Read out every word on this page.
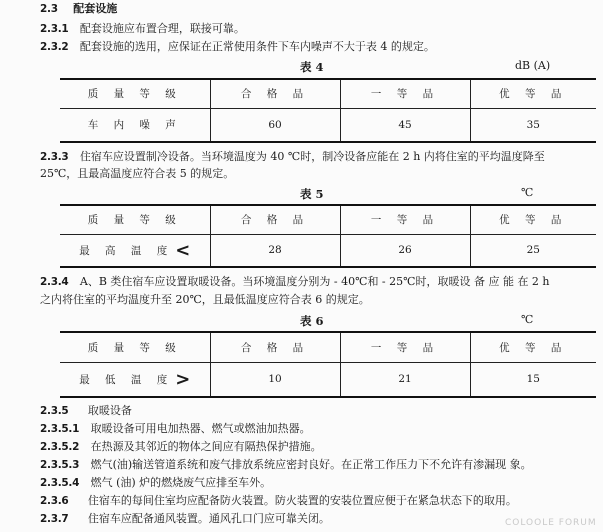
2.3 配套设施
2.3.1 配套设施应布置合理，联接可靠。
2.3.2 配套设施的选用，应保证在正常使用条件下车内噪声不大于表 4 的规定。
表 4	dB (A)
质 量 等 级	合 格 品	一 等 品	优 等 品
车 内 噪 声	60	45	35
2.3.3 住宿车应设置制冷设备。当环境温度为 40 ℃时，制冷设备应能在 2 h 内将住室的平均温度降至
25℃，且最高温度应符合表 5 的规定。
表 5	℃
质 量 等 级	合 格 品	一 等 品	优 等 品
最 高 温 度 <	28	26	25
2.3.4 A、B 类住宿车应设置取暖设备。当环境温度分别为 - 40℃和 - 25℃时，取暖设 备 应 能 在 2 h
之内将住室的平均温度升至 20℃，且最低温度应符合表 6 的规定。
表 6	℃
质 量 等 级	合 格 品	一 等 品	优 等 品
最 低 温 度 >	10	21	15
2.3.5 取暖设备
2.3.5.1 取暖设备可用电加热器、燃气或燃油加热器。
2.3.5.2 在热源及其邻近的物体之间应有隔热保护措施。
2.3.5.3 燃气(油)输送管道系统和废气排放系统应密封良好。在正常工作压力下不允许有渗漏现 象。
2.3.5.4 燃气 (油) 炉的燃烧废气应排至车外。
2.3.6 住宿车的每间住室均应配备防火装置。防火装置的安装位置应便于在紧急状态下的取用。
2.3.7 住宿车应配备通风装置。通风孔口门应可靠关闭。	COLOOLE FORUM
